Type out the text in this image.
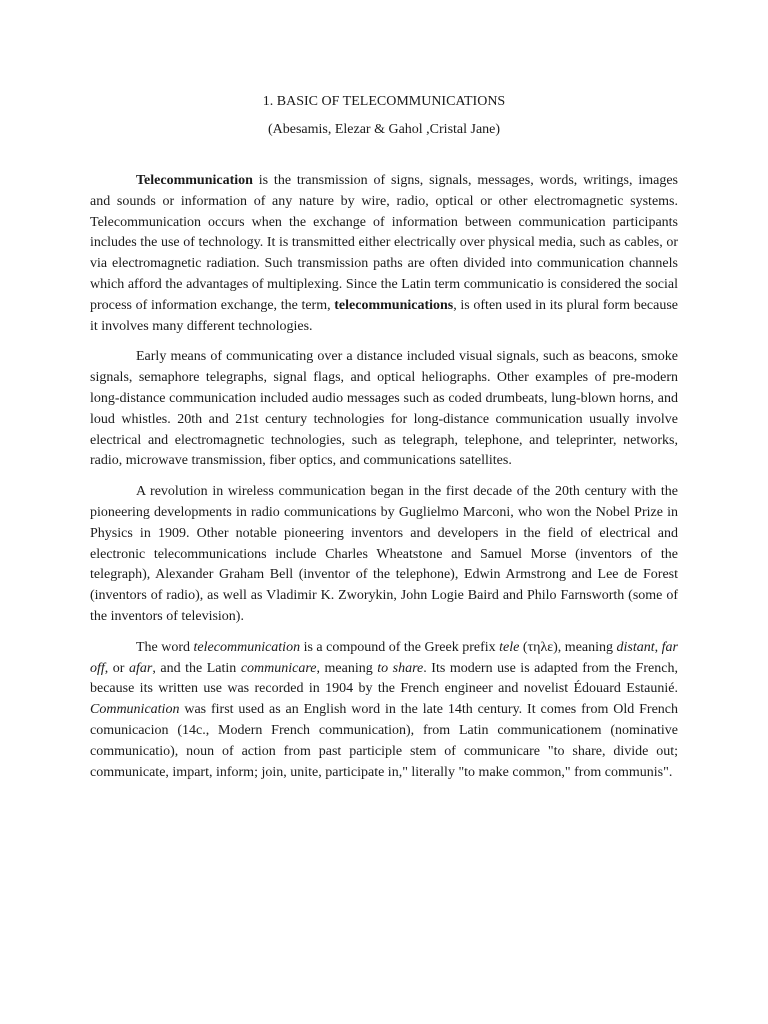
1. BASIC OF TELECOMMUNICATIONS

(Abesamis, Elezar & Gahol ,Cristal Jane)

Telecommunication is the transmission of signs, signals, messages, words, writings, images and sounds or information of any nature by wire, radio, optical or other electromagnetic systems. Telecommunication occurs when the exchange of information between communication participants includes the use of technology. It is transmitted either electrically over physical media, such as cables, or via electromagnetic radiation. Such transmission paths are often divided into communication channels which afford the advantages of multiplexing. Since the Latin term communicatio is considered the social process of information exchange, the term, telecommunications, is often used in its plural form because it involves many different technologies.

Early means of communicating over a distance included visual signals, such as beacons, smoke signals, semaphore telegraphs, signal flags, and optical heliographs. Other examples of pre-modern long-distance communication included audio messages such as coded drumbeats, lung-blown horns, and loud whistles. 20th and 21st century technologies for long-distance communication usually involve electrical and electromagnetic technologies, such as telegraph, telephone, and teleprinter, networks, radio, microwave transmission, fiber optics, and communications satellites.

A revolution in wireless communication began in the first decade of the 20th century with the pioneering developments in radio communications by Guglielmo Marconi, who won the Nobel Prize in Physics in 1909. Other notable pioneering inventors and developers in the field of electrical and electronic telecommunications include Charles Wheatstone and Samuel Morse (inventors of the telegraph), Alexander Graham Bell (inventor of the telephone), Edwin Armstrong and Lee de Forest (inventors of radio), as well as Vladimir K. Zworykin, John Logie Baird and Philo Farnsworth (some of the inventors of television).

The word telecommunication is a compound of the Greek prefix tele (τηλε), meaning distant, far off, or afar, and the Latin communicare, meaning to share. Its modern use is adapted from the French, because its written use was recorded in 1904 by the French engineer and novelist Édouard Estaunié. Communication was first used as an English word in the late 14th century. It comes from Old French comunicacion (14c., Modern French communication), from Latin communicationem (nominative communicatio), noun of action from past participle stem of communicare "to share, divide out; communicate, impart, inform; join, unite, participate in," literally "to make common," from communis".
